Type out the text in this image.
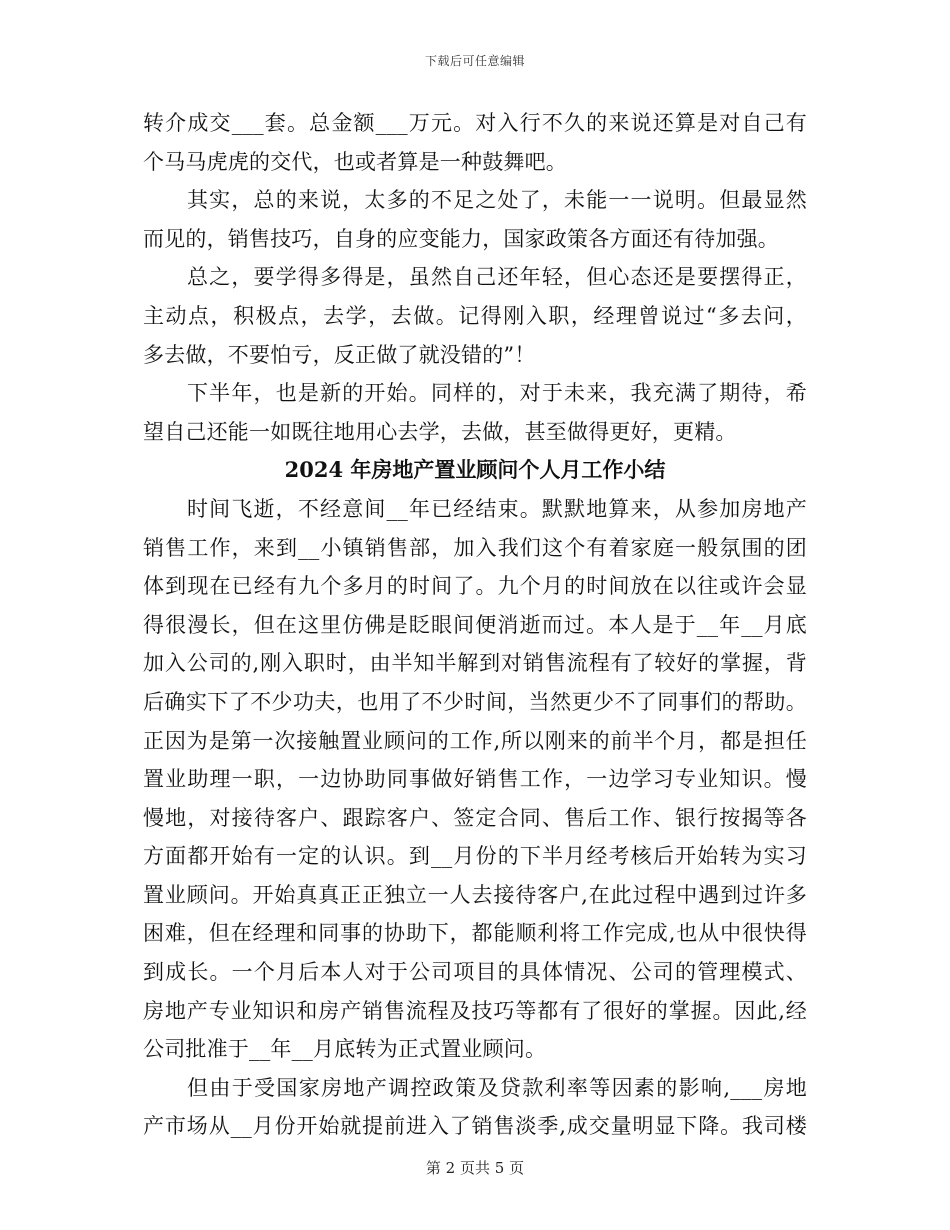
下载后可任意编辑
转介成交___套。总金额___万元。对入行不久的来说还算是对自己有
个马马虎虎的交代，也或者算是一种鼓舞吧。
其实，总的来说，太多的不足之处了，未能一一说明。但最显然
而见的，销售技巧，自身的应变能力，国家政策各方面还有待加强。
总之，要学得多得是，虽然自己还年轻，但心态还是要摆得正，
主动点，积极点，去学，去做。记得刚入职，经理曾说过“多去问，
多去做，不要怕亏，反正做了就没错的”！
下半年，也是新的开始。同样的，对于未来，我充满了期待，希
望自己还能一如既往地用心去学，去做，甚至做得更好，更精。
2024 年房地产置业顾问个人月工作小结
时间飞逝，不经意间__年已经结束。默默地算来，从参加房地产
销售工作，来到__小镇销售部，加入我们这个有着家庭一般氛围的团
体到现在已经有九个多月的时间了。九个月的时间放在以往或许会显
得很漫长，但在这里仿佛是眨眼间便消逝而过。本人是于__年__月底
加入公司的,刚入职时，由半知半解到对销售流程有了较好的掌握，背
后确实下了不少功夫，也用了不少时间，当然更少不了同事们的帮助。
正因为是第一次接触置业顾问的工作,所以刚来的前半个月，都是担任
置业助理一职，一边协助同事做好销售工作，一边学习专业知识。慢
慢地，对接待客户、跟踪客户、签定合同、售后工作、银行按揭等各
方面都开始有一定的认识。到__月份的下半月经考核后开始转为实习
置业顾问。开始真真正正独立一人去接待客户,在此过程中遇到过许多
困难，但在经理和同事的协助下，都能顺利将工作完成,也从中很快得
到成长。一个月后本人对于公司项目的具体情况、公司的管理模式、
房地产专业知识和房产销售流程及技巧等都有了很好的掌握。因此,经
公司批准于__年__月底转为正式置业顾问。
但由于受国家房地产调控政策及贷款利率等因素的影响,___房地
产市场从__月份开始就提前进入了销售淡季,成交量明显下降。我司楼
第 2 页共 5 页
